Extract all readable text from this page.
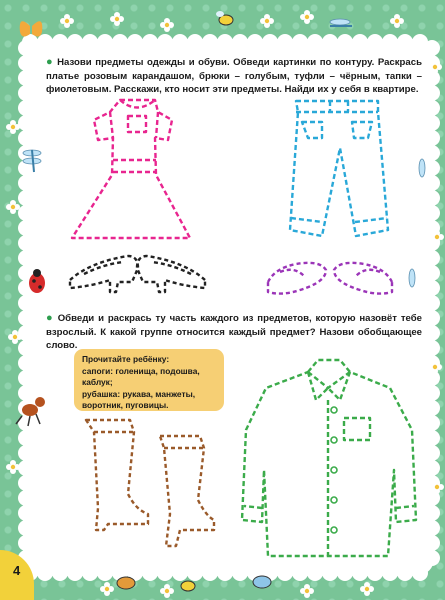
4
● Назови предметы одежды и обуви. Обведи картинки по контуру. Раскрась платье розовым карандашом, брюки – голубым, туфли – чёрным, тапки – фиолетовым. Расскажи, кто носит эти предметы. Найди их у себя в квартире.
● Обведи и раскрась ту часть каждого из предметов, которую назовёт тебе взрослый. К какой группе относится каждый предмет? Назови обобщающее слово.
Прочитайте ребёнку:
сапоги: голенища, подошва, каблук;
рубашка: рукава, манжеты, воротник, пуговицы.
